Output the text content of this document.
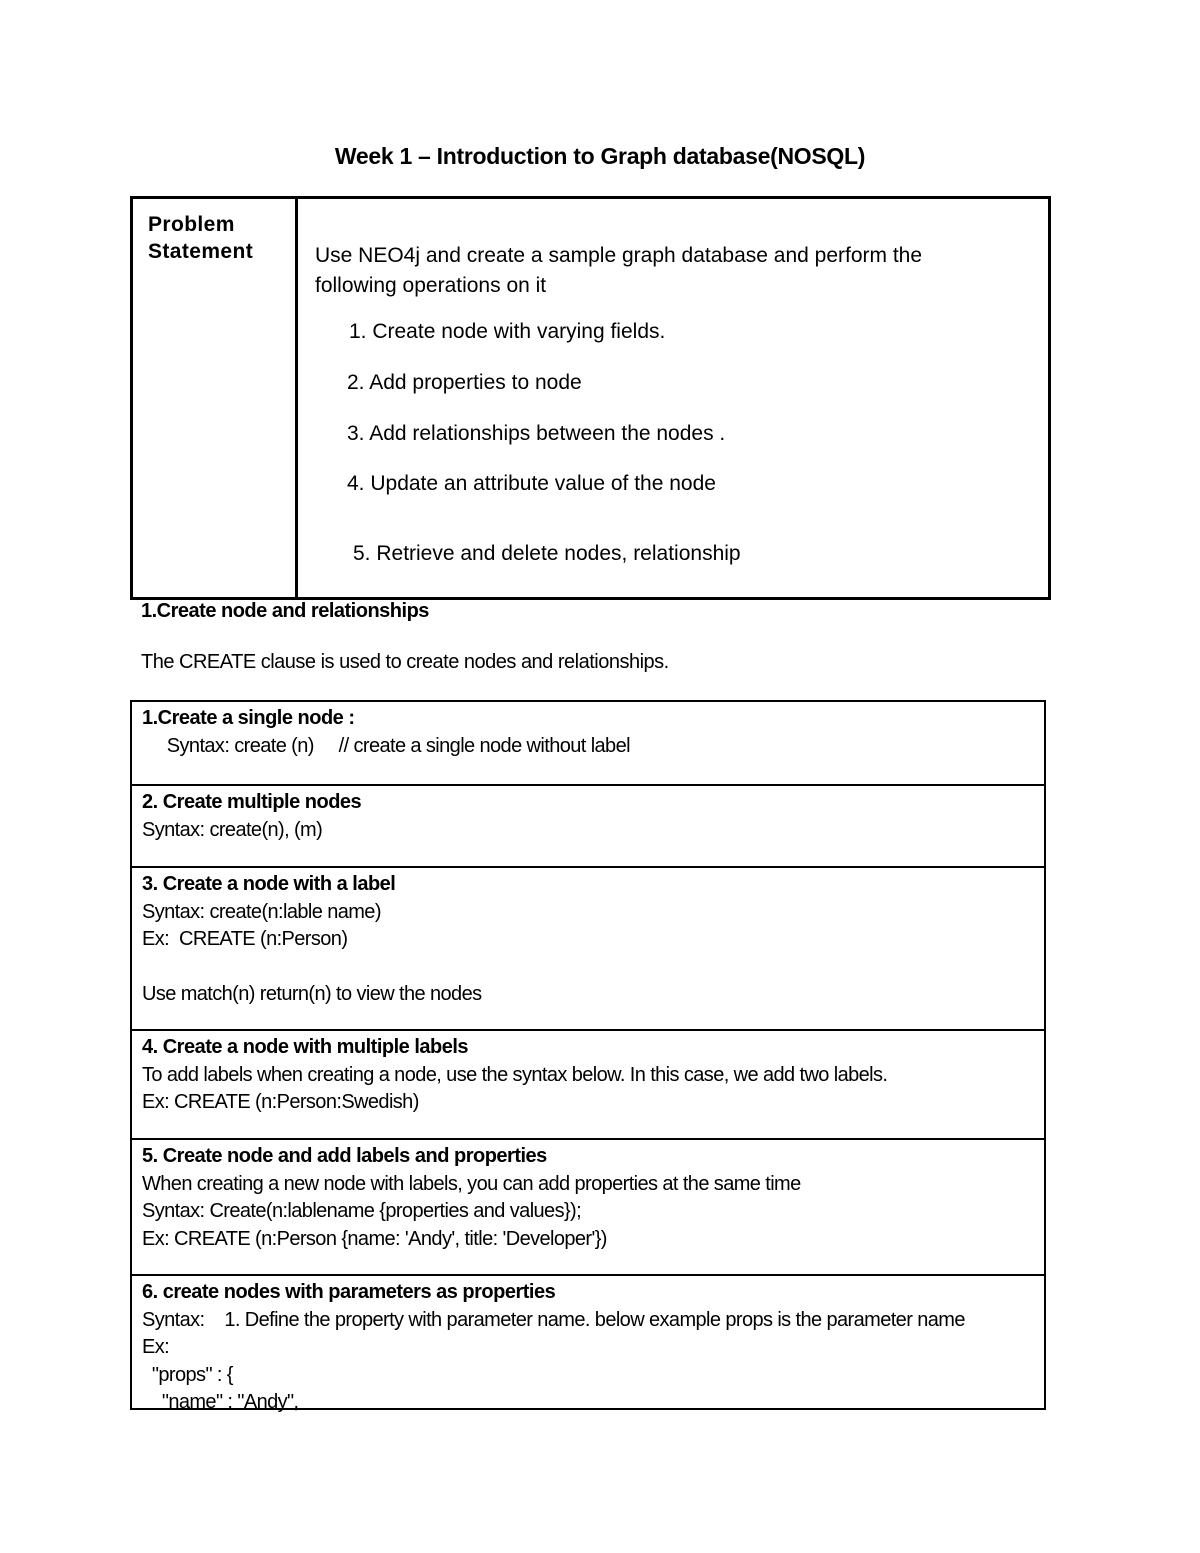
Week 1 – Introduction to Graph database(NOSQL)
Problem
Statement	Use NEO4j and create a sample graph database and perform the
following operations on it

1. Create node with varying fields.

2. Add properties to node

3. Add relationships between the nodes .

4. Update an attribute value of the node

5. Retrieve and delete nodes, relationship

1.Create node and relationships

The CREATE clause is used to create nodes and relationships.

1.Create a single node :
Syntax: create (n)     // create a single node without label
2. Create multiple nodes
Syntax: create(n), (m)
3. Create a node with a label
Syntax: create(n:lable name)
Ex:  CREATE (n:Person)

Use match(n) return(n) to view the nodes
4. Create a node with multiple labels
To add labels when creating a node, use the syntax below. In this case, we add two labels.
Ex: CREATE (n:Person:Swedish)
5. Create node and add labels and properties
When creating a new node with labels, you can add properties at the same time
Syntax: Create(n:lablename {properties and values});
Ex: CREATE (n:Person {name: 'Andy', title: 'Developer'})
6. create nodes with parameters as properties
Syntax:    1. Define the property with parameter name. below example props is the parameter name
Ex:
"props" : {
"name" : "Andy",
